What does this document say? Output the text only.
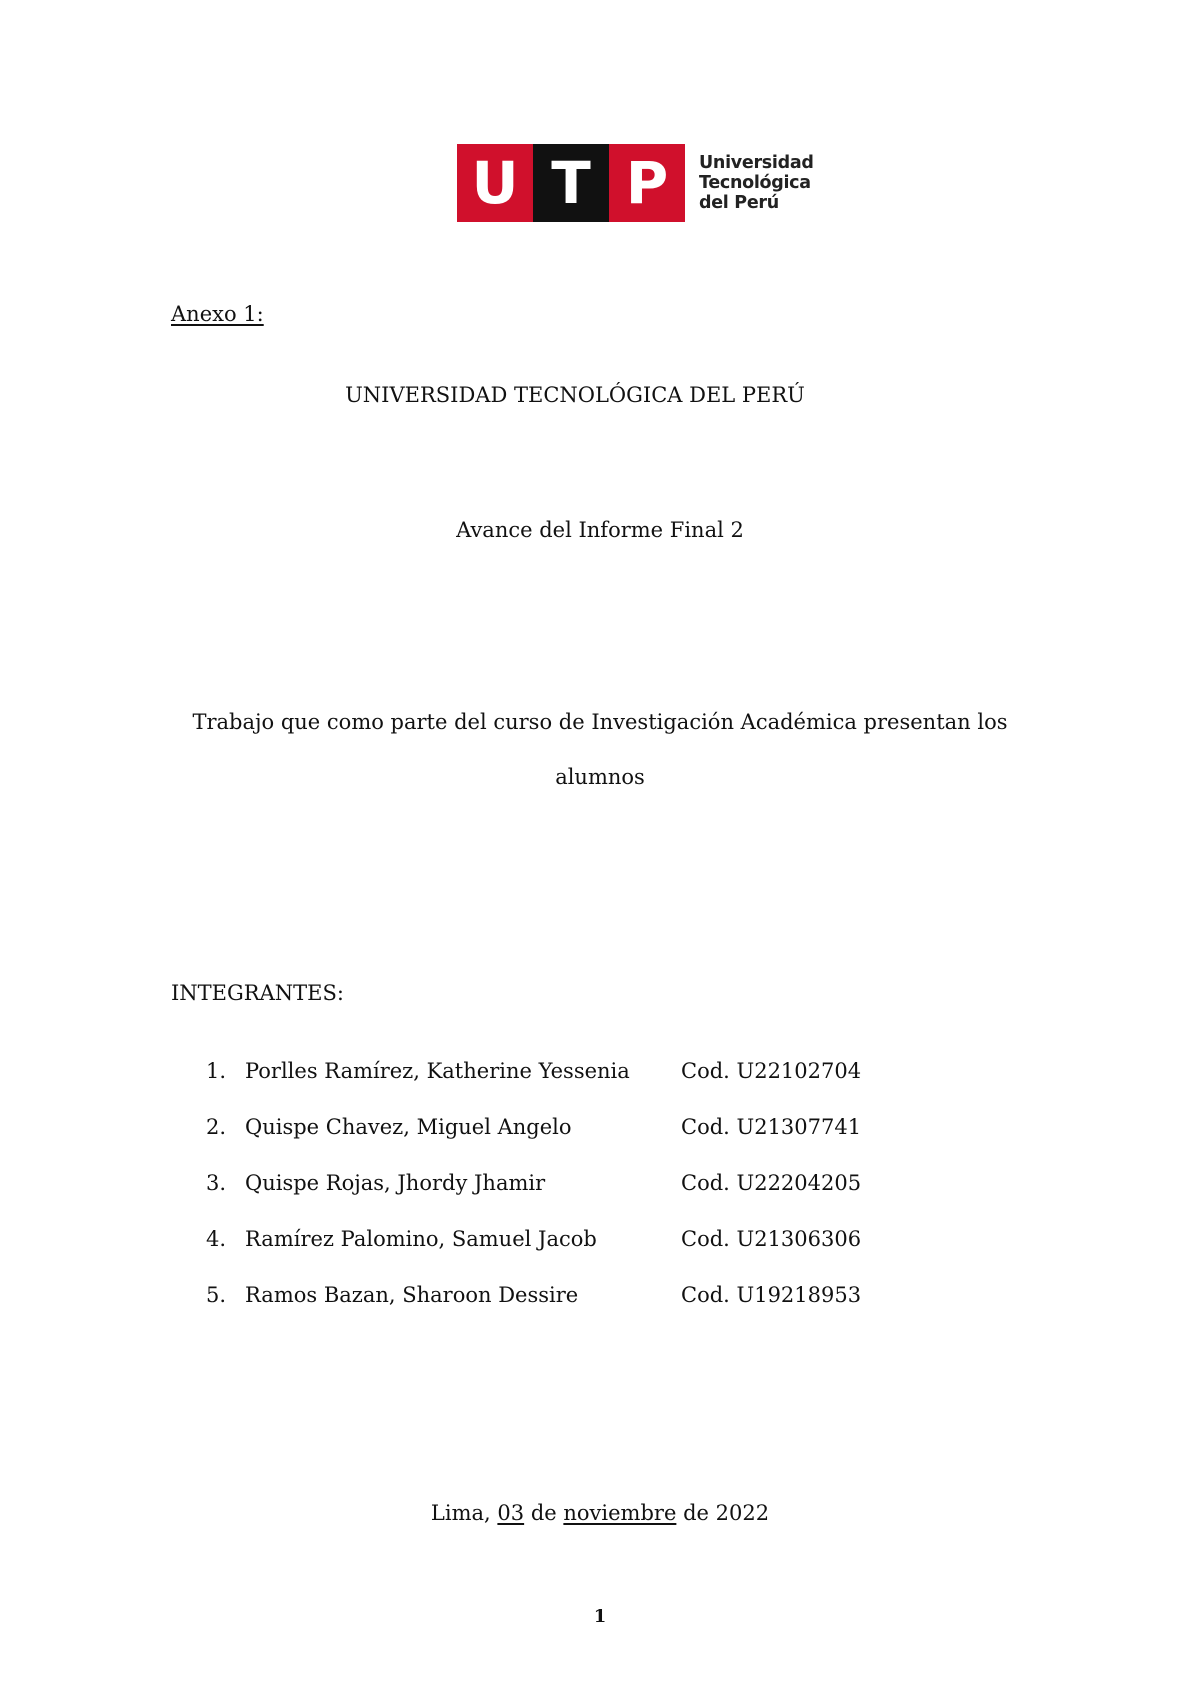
U T P	Universidad
Tecnológica
del Perú
Anexo 1:
UNIVERSIDAD TECNOLÓGICA DEL PERÚ
Avance del Informe Final 2
Trabajo que como parte del curso de Investigación Académica presentan los
alumnos
INTEGRANTES:
1. Porlles Ramírez, Katherine Yessenia Cod. U22102704
2. Quispe Chavez, Miguel Angelo	Cod. U21307741
3. Quispe Rojas, Jhordy Jhamir	Cod. U22204205
4. Ramírez Palomino, Samuel Jacob	Cod. U21306306
5. Ramos Bazan, Sharoon Dessire	Cod. U19218953
Lima, 03 de noviembre de 2022
1
